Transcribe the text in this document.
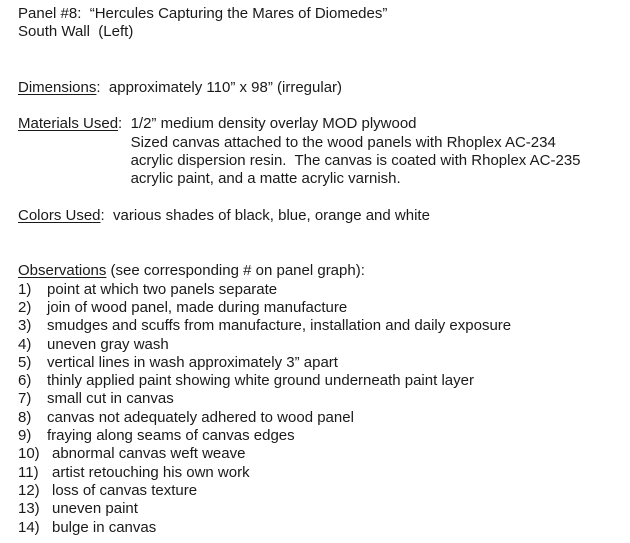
Panel #8:  “Hercules Capturing the Mares of Diomedes”
South Wall  (Left)
Dimensions:  approximately 110” x 98” (irregular)
Materials Used: 1/2” medium density overlay MOD plywood
Sized canvas attached to the wood panels with Rhoplex AC-234
acrylic dispersion resin.  The canvas is coated with Rhoplex AC-235
acrylic paint, and a matte acrylic varnish.
Colors Used:  various shades of black, blue, orange and white
Observations (see corresponding # on panel graph):
1)	point at which two panels separate
2)	join of wood panel, made during manufacture
3)	smudges and scuffs from manufacture, installation and daily exposure
4)	uneven gray wash
5)	vertical lines in wash approximately 3” apart
6)	thinly applied paint showing white ground underneath paint layer
7)	small cut in canvas
8)	canvas not adequately adhered to wood panel
9)	fraying along seams of canvas edges
10) abnormal canvas weft weave
11) artist retouching his own work
12) loss of canvas texture
13) uneven paint
14) bulge in canvas
